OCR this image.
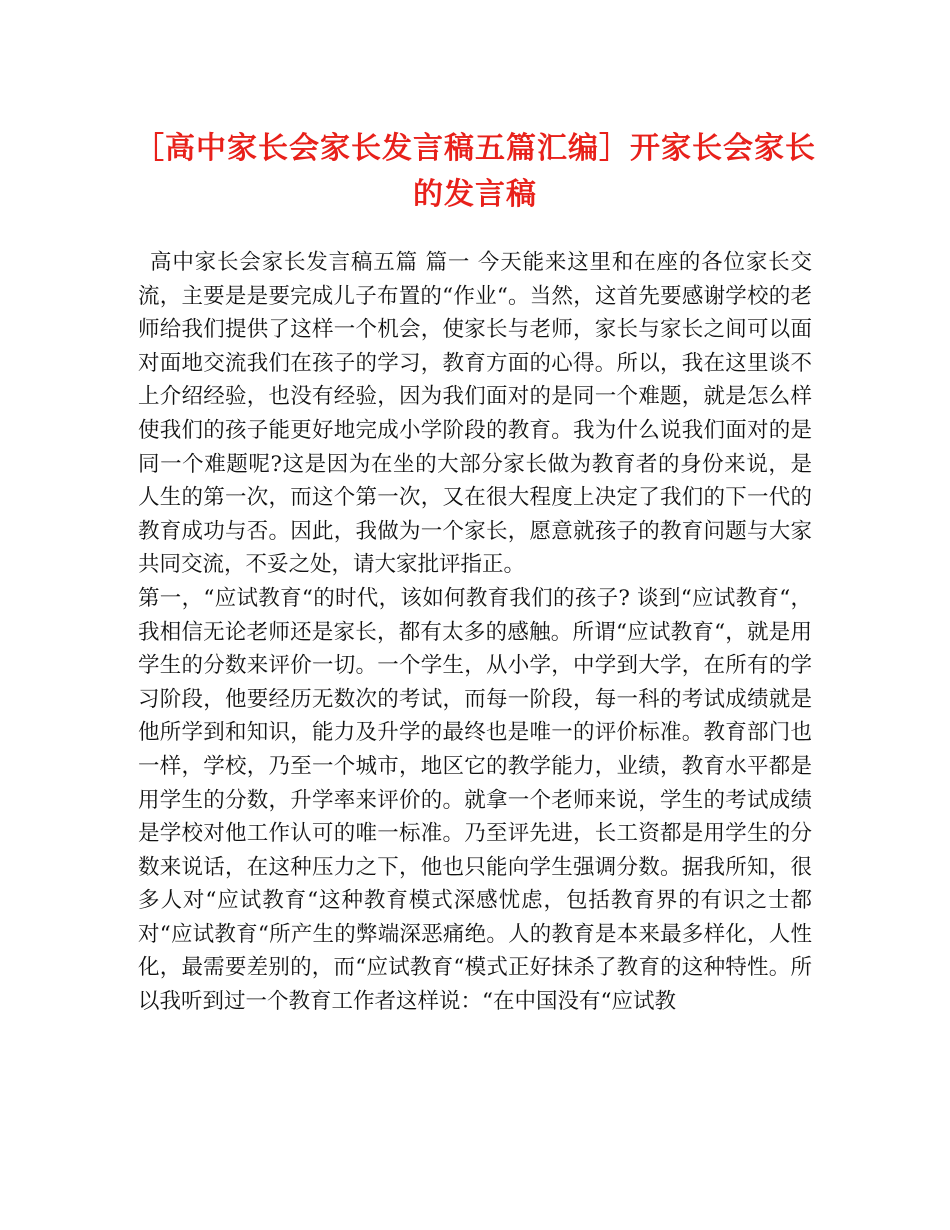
［高中家长会家长发言稿五篇汇编］开家长会家长的发言稿

高中家长会家长发言稿五篇 篇一 今天能来这里和在座的各位家长交流，主要是是要完成儿子布置的“作业“。当然，这首先要感谢学校的老师给我们提供了这样一个机会，使家长与老师，家长与家长之间可以面对面地交流我们在孩子的学习，教育方面的心得。所以，我在这里谈不上介绍经验，也没有经验，因为我们面对的是同一个难题，就是怎么样使我们的孩子能更好地完成小学阶段的教育。我为什么说我们面对的是同一个难题呢?这是因为在坐的大部分家长做为教育者的身份来说，是人生的第一次，而这个第一次，又在很大程度上决定了我们的下一代的教育成功与否。因此，我做为一个家长，愿意就孩子的教育问题与大家共同交流，不妥之处，请大家批评指正。

第一，“应试教育“的时代，该如何教育我们的孩子? 谈到“应试教育“，我相信无论老师还是家长，都有太多的感触。所谓“应试教育“，就是用学生的分数来评价一切。一个学生，从小学，中学到大学，在所有的学习阶段，他要经历无数次的考试，而每一阶段，每一科的考试成绩就是他所学到和知识，能力及升学的最终也是唯一的评价标准。教育部门也一样，学校，乃至一个城市，地区它的教学能力，业绩，教育水平都是用学生的分数，升学率来评价的。就拿一个老师来说，学生的考试成绩是学校对他工作认可的唯一标准。乃至评先进，长工资都是用学生的分数来说话，在这种压力之下，他也只能向学生强调分数。据我所知，很多人对“应试教育“这种教育模式深感忧虑，包括教育界的有识之士都对“应试教育“所产生的弊端深恶痛绝。人的教育是本来最多样化，人性化，最需要差别的，而“应试教育“模式正好抹杀了教育的这种特性。所以我听到过一个教育工作者这样说：“在中国没有“应试教
